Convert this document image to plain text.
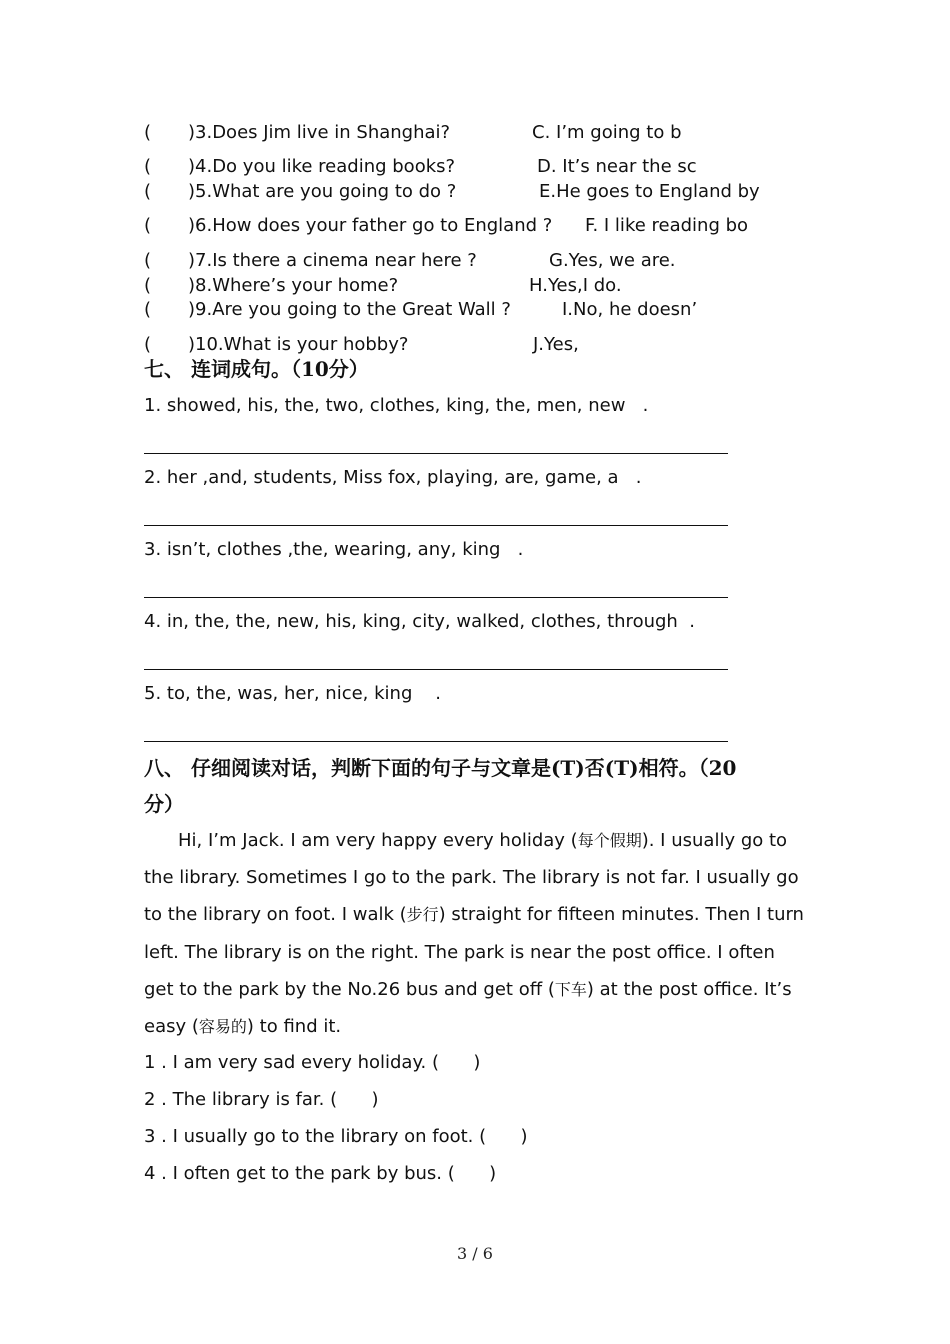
( )3.Does Jim live in Shanghai?	C. I’m going to b
( )4.Do you like reading books?	D. It’s near the sc
( )5.What are you going to do ?	E.He goes to England by
( )6.How does your father go to England ? F. I like reading bo
( )7.Is there a cinema near here ?	G.Yes, we are.
( )8.Where’s your home?	H.Yes,I do.
( )9.Are you going to the Great Wall ?	I.No, he doesn’
( )10.What is your hobby?	J.Yes,
七、 连词成句。（10分）
1. showed, his, the, two, clothes, king, the, men, new   .
2. her ,and, students, Miss fox, playing, are, game, a   .
3. isn’t, clothes ,the, wearing, any, king   .
4. in, the, the, new, his, king, city, walked, clothes, through  .
5. to, the, was, her, nice, king    .
八、 仔细阅读对话，判断下面的句子与文章是(T)否(T)相符。（20
分）
Hi, I’m Jack. I am very happy every holiday (每个假期). I usually go to the library. Sometimes I go to the park. The library is not far. I usually go to the library on foot. I walk (步行) straight for fifteen minutes. Then I turn left. The library is on the right. The park is near the post office. I often get to the park by the No.26 bus and get off (下车) at the post office. It’s easy (容易的) to find it.
1 . I am very sad every holiday. (      )
2 . The library is far. (      )
3 . I usually go to the library on foot. (      )
4 . I often get to the park by bus. (      )
3 / 6
